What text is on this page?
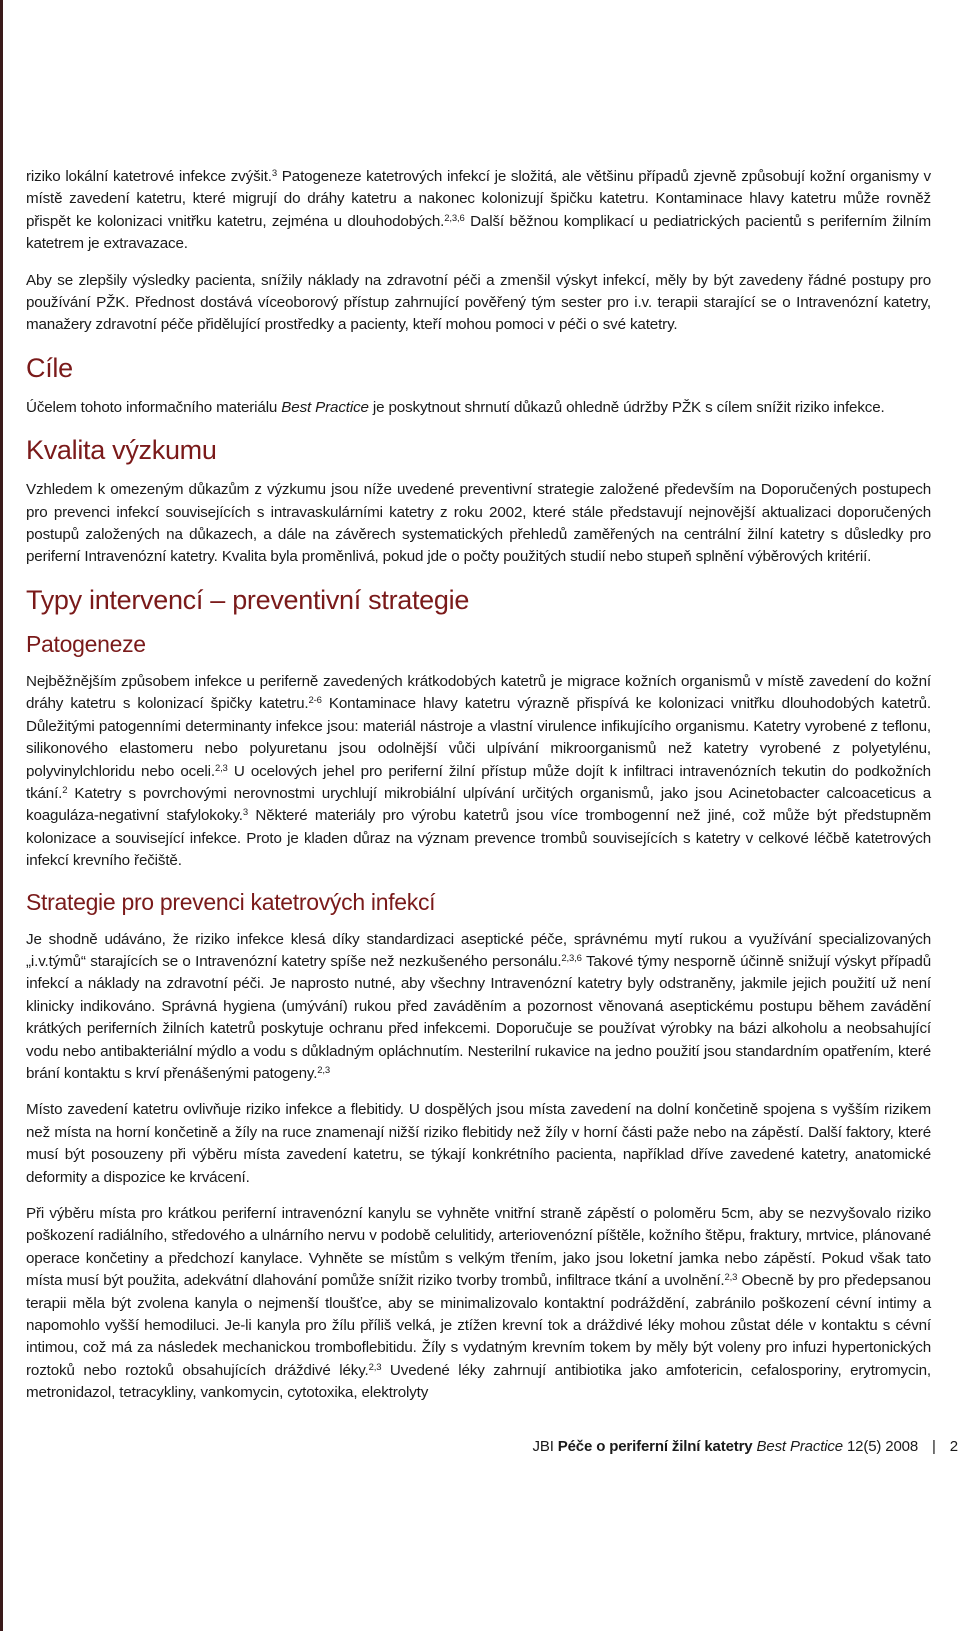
riziko lokální katetrové infekce zvýšit.$^3$ Patogeneze katetrových infekcí je složitá, ale většinu případů zjevně způsobují kožní organismy v místě zavedení katetru, které migrují do dráhy katetru a nakonec kolonizují špičku katetru. Kontaminace hlavy katetru může rovněž přispět ke kolonizaci vnitřku katetru, zejména u dlouhodobých.$^{2,3,6}$ Další běžnou komplikací u pediatrických pacientů s periferním žilním katetrem je extravazace.

Aby se zlepšily výsledky pacienta, snížily náklady na zdravotní péči a zmenšil výskyt infekcí, měly by být zavedeny řádné postupy pro používání PŽK. Přednost dostává víceoborový přístup zahrnující pověřený tým sester pro i.v. terapii starající se o Intravenózní katetry, manažery zdravotní péče přidělující prostředky a pacienty, kteří mohou pomoci v péči o své katetry.

Cíle

Účelem tohoto informačního materiálu Best Practice je poskytnout shrnutí důkazů ohledně údržby PŽK s cílem snížit riziko infekce.

Kvalita výzkumu

Vzhledem k omezeným důkazům z výzkumu jsou níže uvedené preventivní strategie založené především na Doporučených postupech pro prevenci infekcí souvisejících s intravaskulárními katetry z roku 2002, které stále představují nejnovější aktualizaci doporučených postupů založených na důkazech, a dále na závěrech systematických přehledů zaměřených na centrální žilní katetry s důsledky pro periferní Intravenózní katetry. Kvalita byla proměnlivá, pokud jde o počty použitých studií nebo stupeň splnění výběrových kritérií.

Typy intervencí – preventivní strategie
Patogeneze

Nejběžnějším způsobem infekce u periferně zavedených krátkodobých katetrů je migrace kožních organismů v místě zavedení do kožní dráhy katetru s kolonizací špičky katetru.$^{2-6}$ Kontaminace hlavy katetru výrazně přispívá ke kolonizaci vnitřku dlouhodobých katetrů. Důležitými patogenními determinanty infekce jsou: materiál nástroje a vlastní virulence infikujícího organismu. Katetry vyrobené z teflonu, silikonového elastomeru nebo polyuretanu jsou odolnější vůči ulpívání mikroorganismů než katetry vyrobené z polyetylénu, polyvinylchloridu nebo oceli.$^{2,3}$ U ocelových jehel pro periferní žilní přístup může dojít k infiltraci intravenózních tekutin do podkožních tkání.$^2$ Katetry s povrchovými nerovnostmi urychlují mikrobiální ulpívání určitých organismů, jako jsou Acinetobacter calcoaceticus a koaguláza-negativní stafylokoky.$^3$ Některé materiály pro výrobu katetrů jsou více trombogenní než jiné, což může být předstupněm kolonizace a související infekce. Proto je kladen důraz na význam prevence trombů souvisejících s katetry v celkové léčbě katetrových infekcí krevního řečiště.

Strategie pro prevenci katetrových infekcí

Je shodně udáváno, že riziko infekce klesá díky standardizaci aseptické péče, správnému mytí rukou a využívání specializovaných „i.v.týmů“ starajících se o Intravenózní katetry spíše než nezkušeného personálu.$^{2,3,6}$ Takové týmy nesporně účinně snižují výskyt případů infekcí a náklady na zdravotní péči. Je naprosto nutné, aby všechny Intravenózní katetry byly odstraněny, jakmile jejich použití už není klinicky indikováno. Správná hygiena (umývání) rukou před zaváděním a pozornost věnovaná aseptickému postupu během zavádění krátkých periferních žilních katetrů poskytuje ochranu před infekcemi. Doporučuje se používat výrobky na bázi alkoholu a neobsahující vodu nebo antibakteriální mýdlo a vodu s důkladným opláchnutím. Nesterilní rukavice na jedno použití jsou standardním opatřením, které brání kontaktu s krví přenášenými patogeny.$^{2,3}$

Místo zavedení katetru ovlivňuje riziko infekce a flebitidy. U dospělých jsou místa zavedení na dolní končetině spojena s vyšším rizikem než místa na horní končetině a žíly na ruce znamenají nižší riziko flebitidy než žíly v horní části paže nebo na zápěstí. Další faktory, které musí být posouzeny při výběru místa zavedení katetru, se týkají konkrétního pacienta, například dříve zavedené katetry, anatomické deformity a dispozice ke krvácení.

Při výběru místa pro krátkou periferní intravenózní kanylu se vyhněte vnitřní straně zápěstí o poloměru 5cm, aby se nezvyšovalo riziko poškození radiálního, středového a ulnárního nervu v podobě celulitidy, arteriovenózní píštěle, kožního štěpu, fraktury, mrtvice, plánované operace končetiny a předchozí kanylace. Vyhněte se místům s velkým třením, jako jsou loketní jamka nebo zápěstí. Pokud však tato místa musí být použita, adekvátní dlahování pomůže snížit riziko tvorby trombů, infiltrace tkání a uvolnění.$^{2,3}$ Obecně by pro předepsanou terapii měla být zvolena kanyla o nejmenší tloušťce, aby se minimalizovalo kontaktní podráždění, zabránilo poškození cévní intimy a napomohlo vyšší hemodiluci. Je-li kanyla pro žílu příliš velká, je ztížen krevní tok a dráždivé léky mohou zůstat déle v kontaktu s cévní intimou, což má za následek mechanickou tromboflebitidu. Žíly s vydatným krevním tokem by měly být voleny pro infuzi hypertonických roztoků nebo roztoků obsahujících dráždivé léky.$^{2,3}$ Uvedené léky zahrnují antibiotika jako amfotericin, cefalosporiny, erytromycin, metronidazol, tetracykliny, vankomycin, cytotoxika, elektrolyty

JBI Péče o periferní žilní katetry Best Practice 12(5) 2008 | 2
